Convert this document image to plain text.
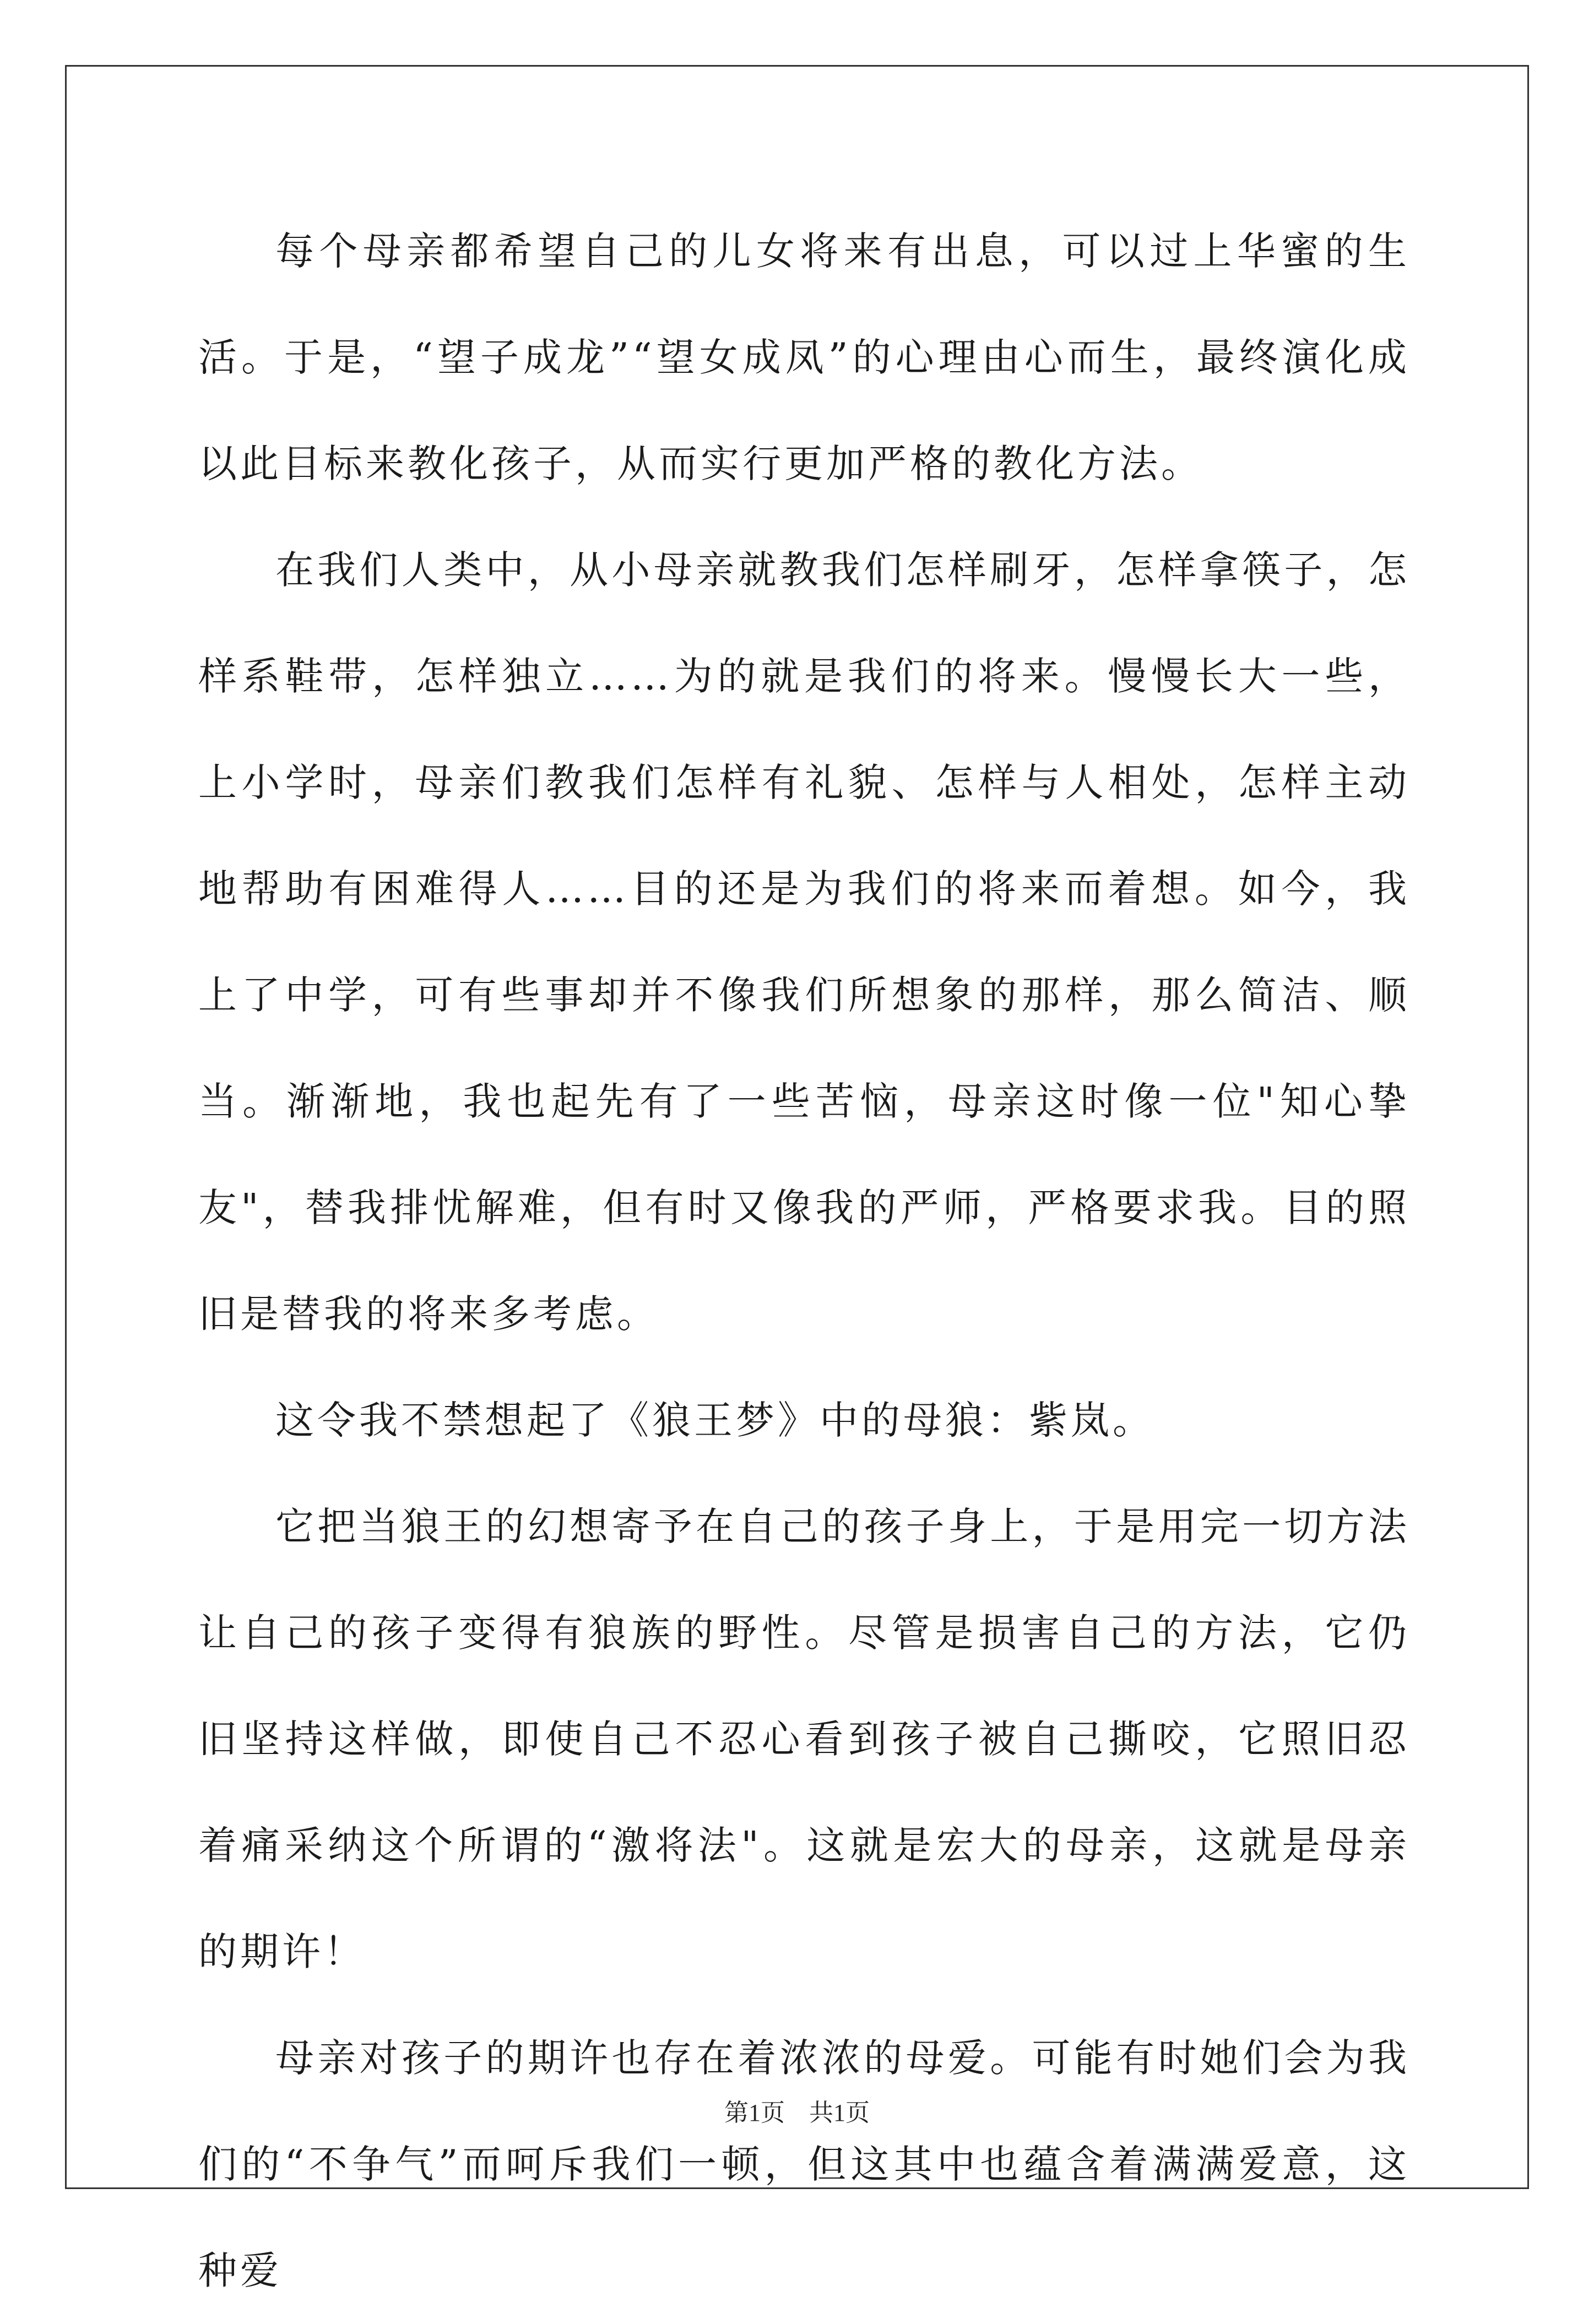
每个母亲都希望自己的儿女将来有出息，可以过上华蜜的生活。于是，“望子成龙”“望女成凤”的心理由心而生，最终演化成以此目标来教化孩子，从而实行更加严格的教化方法。

在我们人类中，从小母亲就教我们怎样刷牙，怎样拿筷子，怎样系鞋带，怎样独立……为的就是我们的将来。慢慢长大一些，上小学时，母亲们教我们怎样有礼貌、怎样与人相处，怎样主动地帮助有困难得人……目的还是为我们的将来而着想。如今，我上了中学，可有些事却并不像我们所想象的那样，那么简洁、顺当。渐渐地，我也起先有了一些苦恼，母亲这时像一位"知心挚友"，替我排忧解难，但有时又像我的严师，严格要求我。目的照旧是替我的将来多考虑。

这令我不禁想起了《狼王梦》中的母狼：紫岚。

它把当狼王的幻想寄予在自己的孩子身上，于是用完一切方法让自己的孩子变得有狼族的野性。尽管是损害自己的方法，它仍旧坚持这样做，即使自己不忍心看到孩子被自己撕咬，它照旧忍着痛采纳这个所谓的“激将法"。这就是宏大的母亲，这就是母亲的期许！

母亲对孩子的期许也存在着浓浓的母爱。可能有时她们会为我们的“不争气”而呵斥我们一顿，但这其中也蕴含着满满爱意，这种爱

第1页　共1页
